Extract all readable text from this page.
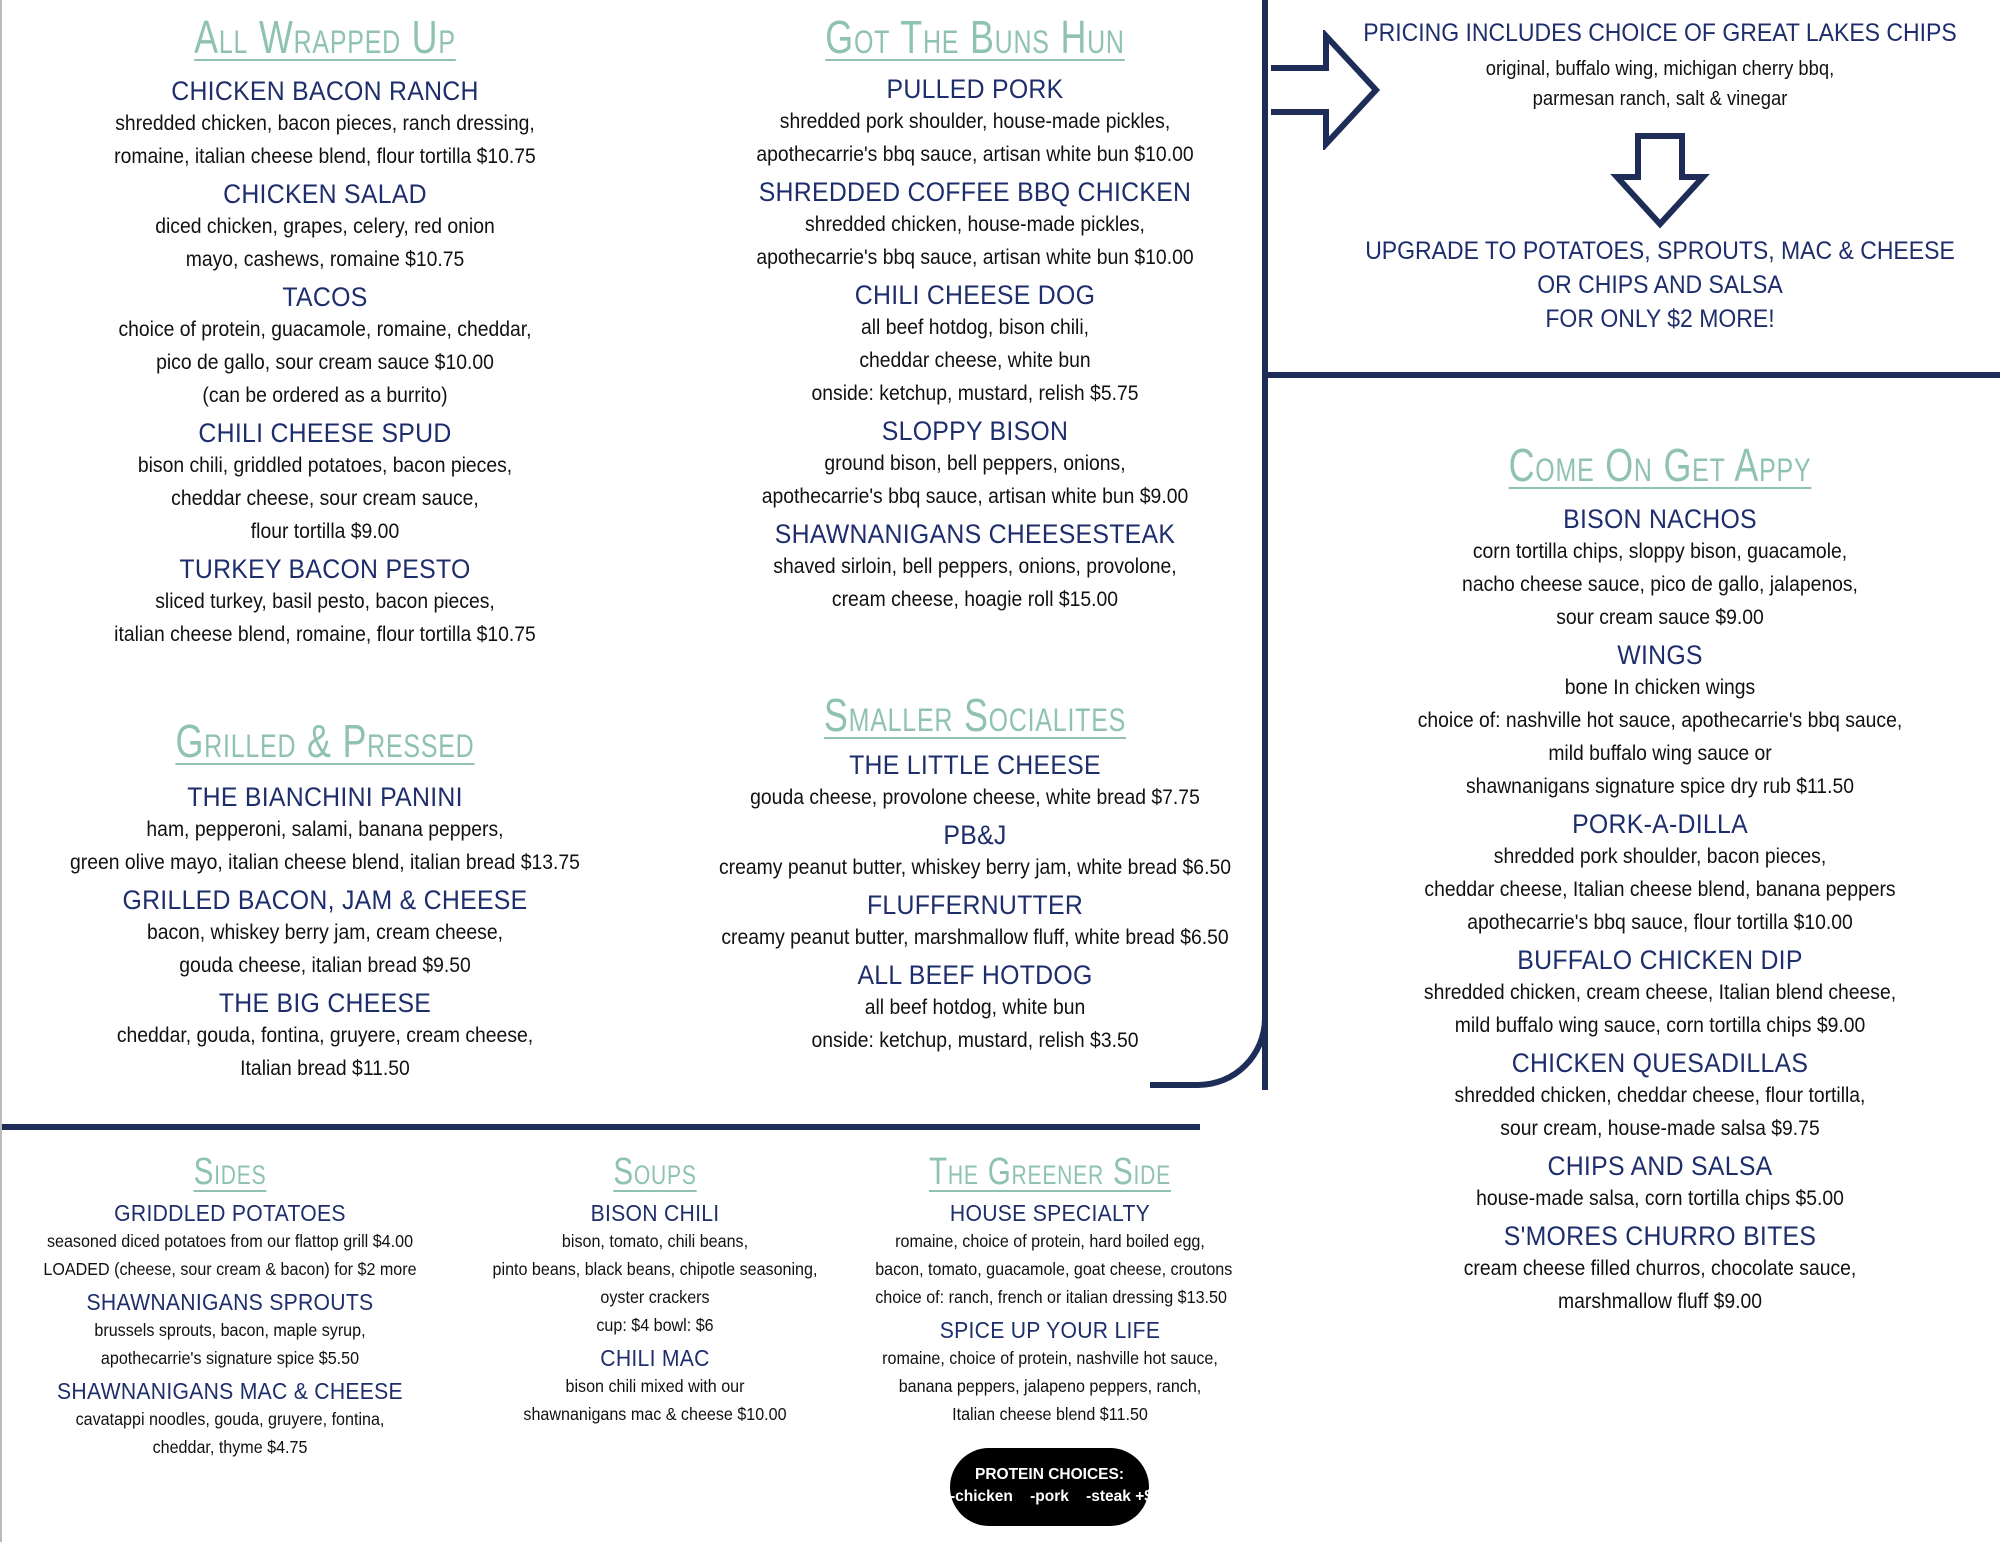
All Wrapped Up
CHICKEN BACON RANCH
shredded chicken, bacon pieces, ranch dressing,
romaine, italian cheese blend, flour tortilla $10.75
CHICKEN SALAD
diced chicken, grapes, celery, red onion
mayo, cashews, romaine $10.75
TACOS
choice of protein, guacamole, romaine, cheddar,
pico de gallo, sour cream sauce $10.00
(can be ordered as a burrito)
CHILI CHEESE SPUD
bison chili, griddled potatoes, bacon pieces,
cheddar cheese, sour cream sauce,
flour tortilla $9.00
TURKEY BACON PESTO
sliced turkey, basil pesto, bacon pieces,
italian cheese blend, romaine, flour tortilla $10.75
Grilled & Pressed
THE BIANCHINI PANINI
ham, pepperoni, salami, banana peppers,
green olive mayo, italian cheese blend, italian bread $13.75
GRILLED BACON, JAM & CHEESE
bacon, whiskey berry jam, cream cheese,
gouda cheese, italian bread $9.50
THE BIG CHEESE
cheddar, gouda, fontina, gruyere, cream cheese,
Italian bread $11.50
Got The Buns Hun
PULLED PORK
shredded pork shoulder, house-made pickles,
apothecarrie's bbq sauce, artisan white bun $10.00
SHREDDED COFFEE BBQ CHICKEN
shredded chicken, house-made pickles,
apothecarrie's bbq sauce, artisan white bun $10.00
CHILI CHEESE DOG
all beef hotdog, bison chili,
cheddar cheese, white bun
onside: ketchup, mustard, relish $5.75
SLOPPY BISON
ground bison, bell peppers, onions,
apothecarrie's bbq sauce, artisan white bun $9.00
SHAWNANIGANS CHEESESTEAK
shaved sirloin, bell peppers, onions, provolone,
cream cheese, hoagie roll $15.00
Smaller Socialites
THE LITTLE CHEESE
gouda cheese, provolone cheese, white bread $7.75
PB&J
creamy peanut butter, whiskey berry jam, white bread $6.50
FLUFFERNUTTER
creamy peanut butter, marshmallow fluff, white bread $6.50
ALL BEEF HOTDOG
all beef hotdog, white bun
onside: ketchup, mustard, relish $3.50
PRICING INCLUDES CHOICE OF GREAT LAKES CHIPS
original, buffalo wing, michigan cherry bbq,
parmesan ranch, salt & vinegar
UPGRADE TO POTATOES, SPROUTS, MAC & CHEESE
OR CHIPS AND SALSA
FOR ONLY $2 MORE!
Come On Get Appy
BISON NACHOS
corn tortilla chips, sloppy bison, guacamole,
nacho cheese sauce, pico de gallo, jalapenos,
sour cream sauce $9.00
WINGS
bone In chicken wings
choice of: nashville hot sauce, apothecarrie's bbq sauce,
mild buffalo wing sauce or
shawnanigans signature spice dry rub $11.50
PORK-A-DILLA
shredded pork shoulder, bacon pieces,
cheddar cheese, Italian cheese blend, banana peppers
apothecarrie's bbq sauce, flour tortilla $10.00
BUFFALO CHICKEN DIP
shredded chicken, cream cheese, Italian blend cheese,
mild buffalo wing sauce, corn tortilla chips $9.00
CHICKEN QUESADILLAS
shredded chicken, cheddar cheese, flour tortilla,
sour cream, house-made salsa $9.75
CHIPS AND SALSA
house-made salsa, corn tortilla chips $5.00
S'MORES CHURRO BITES
cream cheese filled churros, chocolate sauce,
marshmallow fluff $9.00
Sides
GRIDDLED POTATOES
seasoned diced potatoes from our flattop grill $4.00
LOADED (cheese, sour cream & bacon) for $2 more
SHAWNANIGANS SPROUTS
brussels sprouts, bacon, maple syrup,
apothecarrie's signature spice $5.50
SHAWNANIGANS MAC & CHEESE
cavatappi noodles, gouda, gruyere, fontina,
cheddar, thyme $4.75
Soups
BISON CHILI
bison, tomato, chili beans,
pinto beans, black beans, chipotle seasoning,
oyster crackers
cup: $4 bowl: $6
CHILI MAC
bison chili mixed with our
shawnanigans mac & cheese $10.00
The Greener Side
HOUSE SPECIALTY
romaine, choice of protein, hard boiled egg,
bacon, tomato, guacamole, goat cheese, croutons
choice of: ranch, french or italian dressing $13.50
SPICE UP YOUR LIFE
romaine, choice of protein, nashville hot sauce,
banana peppers, jalapeno peppers, ranch,
Italian cheese blend $11.50
PROTEIN CHOICES:
-chicken    -pork    -steak +$3
